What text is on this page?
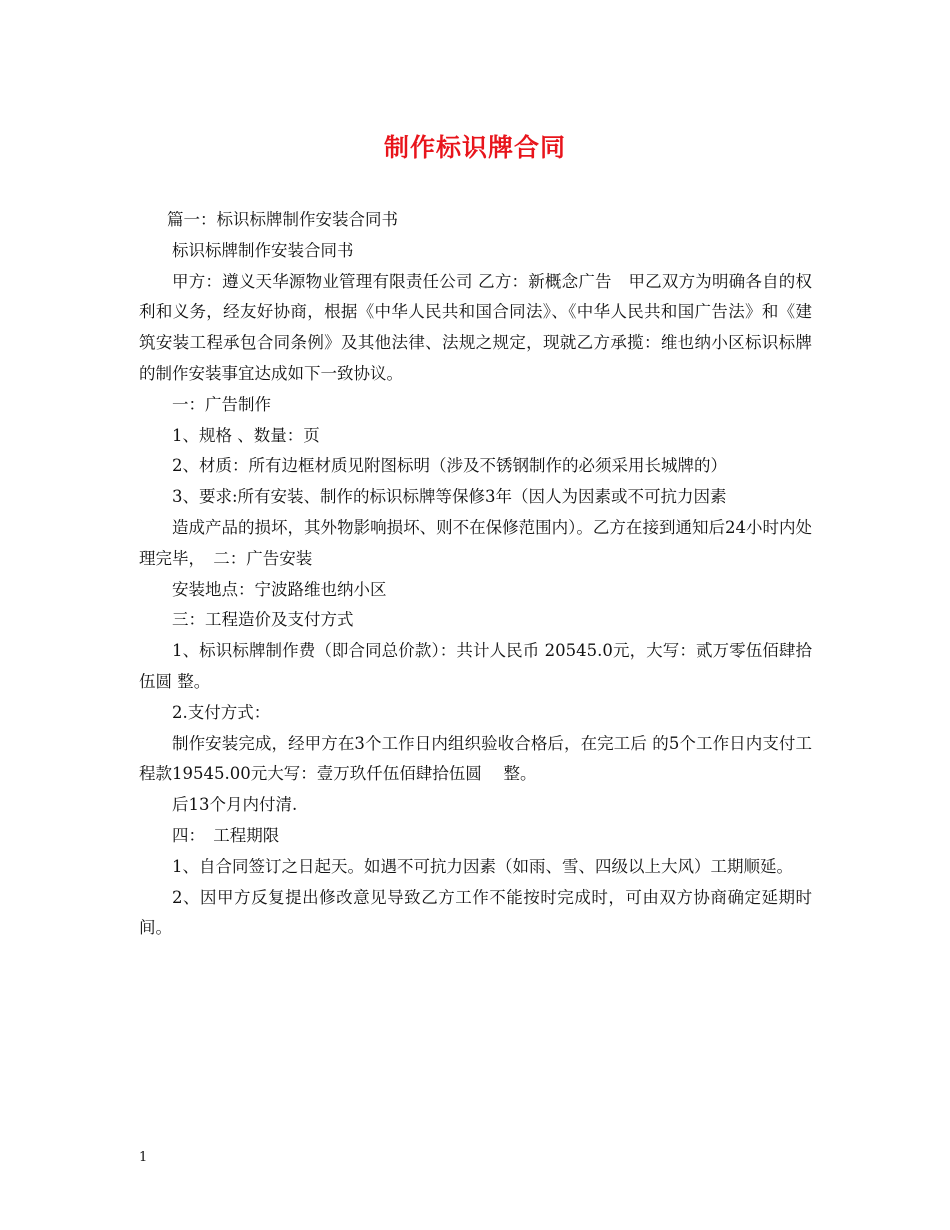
制作标识牌合同

篇一：标识标牌制作安装合同书

标识标牌制作安装合同书

甲方：遵义天华源物业管理有限责任公司 乙方：新概念广告　甲乙双方为明确各自的权利和义务，经友好协商，根据《中华人民共和国合同法》、《中华人民共和国广告法》和《建筑安装工程承包合同条例》及其他法律、法规之规定，现就乙方承揽：维也纳小区标识标牌 的制作安装事宜达成如下一致协议。

一：广告制作

1、规格 、数量：页

2、材质：所有边框材质见附图标明（涉及不锈钢制作的必须采用长城牌的）

3、要求:所有安装、制作的标识标牌等保修3年（因人为因素或不可抗力因素

造成产品的损坏，其外物影响损坏、则不在保修范围内）。乙方在接到通知后24小时内处理完毕，　二：广告安装

安装地点：宁波路维也纳小区

三：工程造价及支付方式

1、标识标牌制作费（即合同总价款）：共计人民币 20545.0元，大写：贰万零伍佰肆拾伍圆 整。

2.支付方式：

制作安装完成，经甲方在3个工作日内组织验收合格后，在完工后 的5个工作日内支付工程款19545.00元大写：壹万玖仟伍佰肆拾伍圆　 整。

后13个月内付清.

四：　工程期限

1、自合同签订之日起天。如遇不可抗力因素（如雨、雪、四级以上大风）工期顺延。

2、因甲方反复提出修改意见导致乙方工作不能按时完成时，可由双方协商确定延期时间。

1
